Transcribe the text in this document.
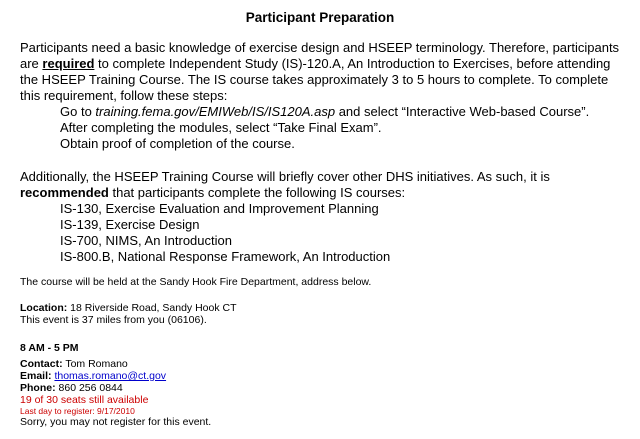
Participant Preparation

Participants need a basic knowledge of exercise design and HSEEP terminology. Therefore, participants are required to complete Independent Study (IS)-120.A, An Introduction to Exercises, before attending the HSEEP Training Course. The IS course takes approximately 3 to 5 hours to complete. To complete this requirement, follow these steps:

Go to training.fema.gov/EMIWeb/IS/IS120A.asp and select “Interactive Web-based Course”.

After completing the modules, select “Take Final Exam”.

Obtain proof of completion of the course.

Additionally, the HSEEP Training Course will briefly cover other DHS initiatives. As such, it is

recommended that participants complete the following IS courses:

IS-130, Exercise Evaluation and Improvement Planning

IS-139, Exercise Design

IS-700, NIMS, An Introduction

IS-800.B, National Response Framework, An Introduction

The course will be held at the Sandy Hook Fire Department, address below.
Location: 18 Riverside Road, Sandy Hook CT
This event is 37 miles from you (06106).
8 AM - 5 PM
Contact: Tom Romano
Email: thomas.romano@ct.gov
Phone: 860 256 0844
19 of 30 seats still available
Last day to register: 9/17/2010
Sorry, you may not register for this event.
